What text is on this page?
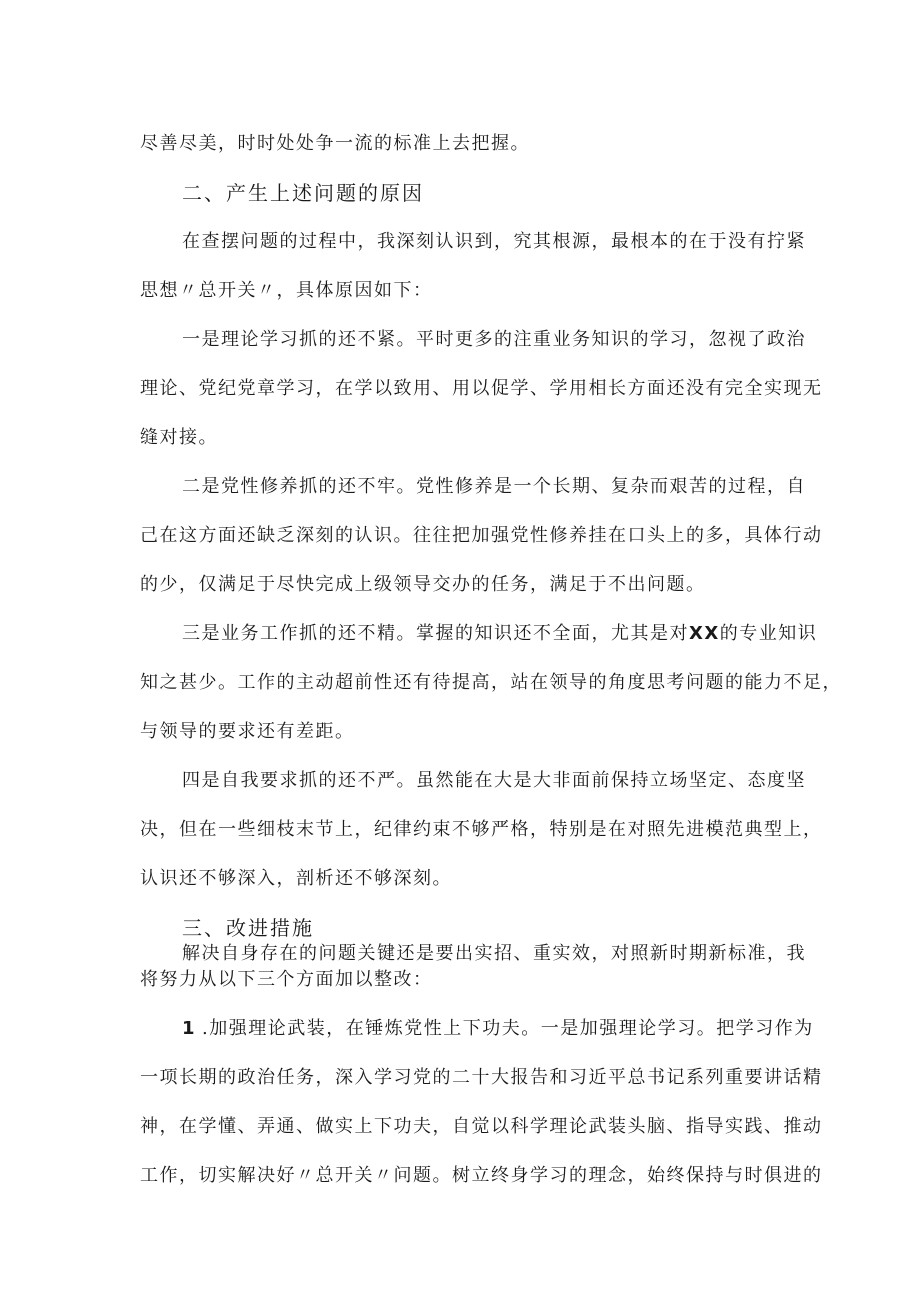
尽善尽美，时时处处争一流的标准上去把握。
二、产生上述问题的原因
在查摆问题的过程中，我深刻认识到，究其根源，最根本的在于没有拧紧
思想〃总开关〃，具体原因如下：
一是理论学习抓的还不紧。平时更多的注重业务知识的学习，忽视了政治
理论、党纪党章学习，在学以致用、用以促学、学用相长方面还没有完全实现无
缝对接。
二是党性修养抓的还不牢。党性修养是一个长期、复杂而艰苦的过程，自
己在这方面还缺乏深刻的认识。往往把加强党性修养挂在口头上的多，具体行动
的少，仅满足于尽快完成上级领导交办的任务，满足于不出问题。
三是业务工作抓的还不精。掌握的知识还不全面，尤其是对 XX 的专业知识
知之甚少。工作的主动超前性还有待提高，站在领导的角度思考问题的能力不足，
与领导的要求还有差距。
四是自我要求抓的还不严。虽然能在大是大非面前保持立场坚定、态度坚
决，但在一些细枝末节上，纪律约束不够严格，特别是在对照先进模范典型上，
认识还不够深入，剖析还不够深刻。
三、改进措施
解决自身存在的问题关键还是要出实招、重实效，对照新时期新标准，我
将努力从以下三个方面加以整改：
1 .加强理论武装，在锤炼党性上下功夫。一是加强理论学习。把学习作为
一项长期的政治任务，深入学习党的二十大报告和习近平总书记系列重要讲话精
神，在学懂、弄通、做实上下功夫，自觉以科学理论武装头脑、指导实践、推动
工作，切实解决好〃总开关〃问题。树立终身学习的理念，始终保持与时俱进的
